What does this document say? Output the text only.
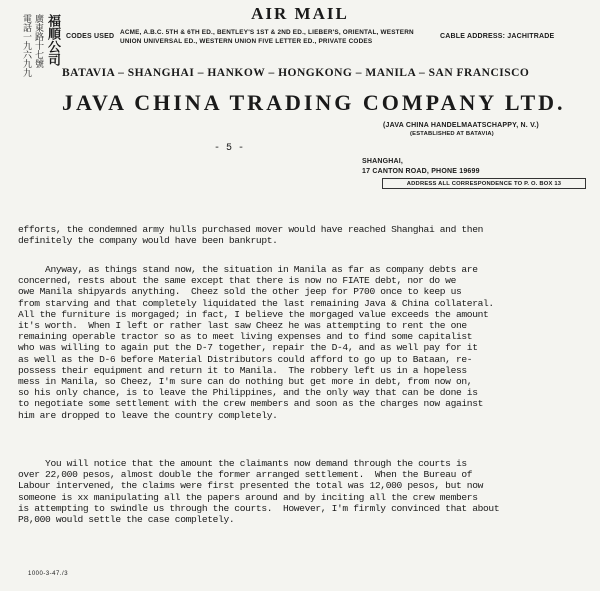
福順公司
廣東路十七號
電話一九六九九
AIR MAIL
CODES USED
ACME, A.B.C. 5TH & 6TH ED., BENTLEY'S 1ST & 2ND ED., LIEBER'S, ORIENTAL, WESTERN
UNION UNIVERSAL ED., WESTERN UNION FIVE LETTER ED., PRIVATE CODES
CABLE ADDRESS: JACHITRADE
BATAVIA – SHANGHAI – HANKOW – HONGKONG – MANILA – SAN FRANCISCO
JAVA CHINA TRADING COMPANY LTD.
(JAVA CHINA HANDELMAATSCHAPPY, N. V.)
(ESTABLISHED AT BATAVIA)
- 5 -
SHANGHAI,
17 CANTON ROAD, PHONE 19699
ADDRESS ALL CORRESPONDENCE TO P. O. BOX 13
efforts, the condemned army hulls purchased mover would have reached Shanghai and then
definitely the company would have been bankrupt.
Anyway, as things stand now, the situation in Manila as far as company debts are
concerned, rests about the same except that there is now no FIATE debt, nor do we
owe Manila shipyards anything.  Cheez sold the other jeep for P700 once to keep us
from starving and that completely liquidated the last remaining Java & China collateral.
All the furniture is morgaged; in fact, I believe the morgaged value exceeds the amount
it's worth.  When I left or rather last saw Cheez he was attempting to rent the one
remaining operable tractor so as to meet living expenses and to find some capitalist
who was willing to again put the D-7 together, repair the D-4, and as well pay for it
as well as the D-6 before Material Distributors could afford to go up to Bataan, re-
possess their equipment and return it to Manila.  The robbery left us in a hopeless
mess in Manila, so Cheez, I'm sure can do nothing but get more in debt, from now on,
so his only chance, is to leave the Philippines, and the only way that can be done is
to negotiate some settlement with the crew members and soon as the charges now against
him are dropped to leave the country completely.
You will notice that the amount the claimants now demand through the courts is
over 22,000 pesos, almost double the former arranged settlement.  When the Bureau of
Labour intervened, the claims were first presented the total was 12,000 pesos, but now
someone is xx manipulating all the papers around and by inciting all the crew members
is attempting to swindle us through the courts.  However, I'm firmly convinced that about
P8,000 would settle the case completely.
1000-3-47./3
